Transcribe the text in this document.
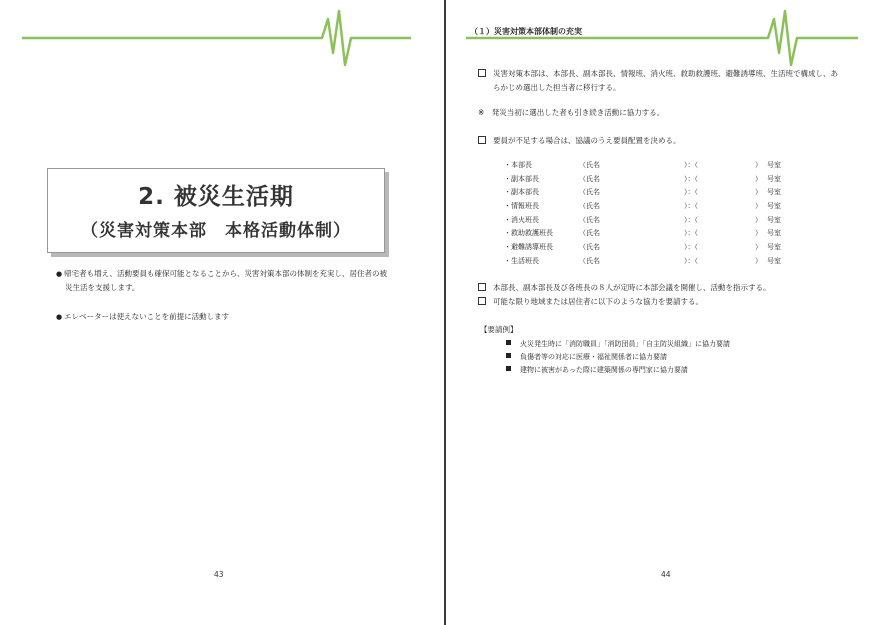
2. 被災生活期
（災害対策本部　本格活動体制）
● 帰宅者も増え、活動要員も確保可能となることから、災害対策本部の体制を充実し、居住者の被
災生活を支援します。
● エレベーターは使えないことを前提に活動します
43
（１）災害対策本部体制の充実
災害対策本部は、本部長、副本部長、情報班、消火班、救助救護班、避難誘導班、生活班で構成し、あ
らかじめ選出した担当者に移行する。
※　発災当初に選出した者も引き続き活動に協力する。
要員が不足する場合は、協議のうえ要員配置を決める。
・本部長	（氏名	）：（	） 号室
・副本部長	（氏名	）：（	） 号室
・副本部長	（氏名	）：（	） 号室
・情報班長	（氏名	）：（	） 号室
・消火班長	（氏名	）：（	） 号室
・救助救護班長	（氏名	）：（	） 号室
・避難誘導班長	（氏名	）：（	） 号室
・生活班長	（氏名	）：（	） 号室
本部長、副本部長及び各班長の８人が定時に本部会議を開催し、活動を指示する。
可能な限り地域または居住者に以下のような協力を要請する。
【要請例】
火災発生時に「消防職員」「消防団員」「自主防災組織」に協力要請
負傷者等の対応に医療・福祉関係者に協力要請
建物に被害があった際に建築関係の専門家に協力要請
44
